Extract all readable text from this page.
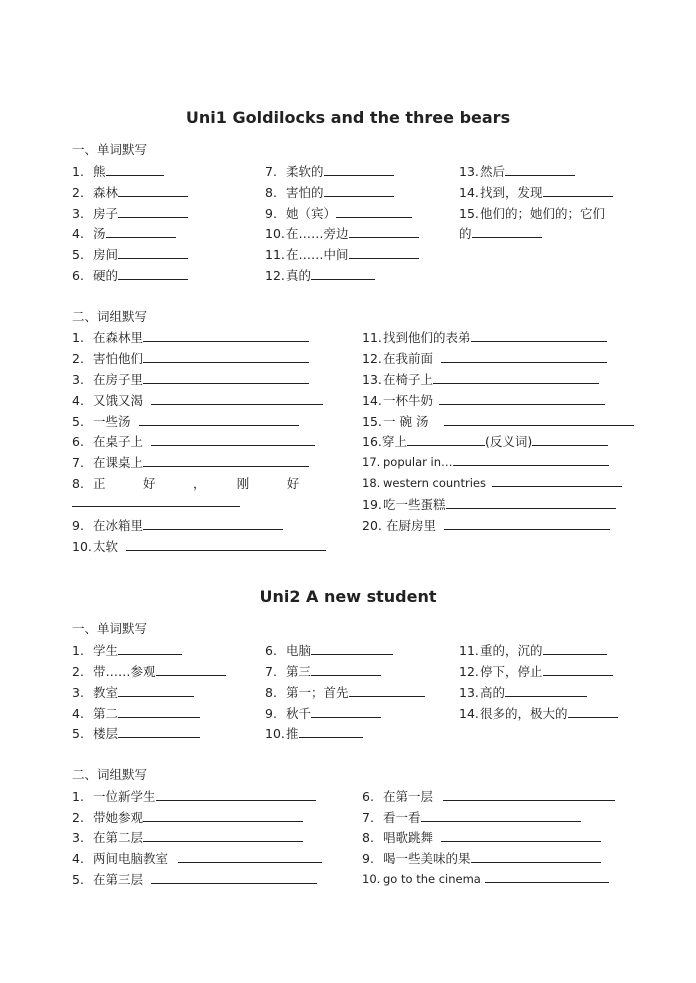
Uni1 Goldilocks and the three bears
一、单词默写
1. 熊
2. 森林
3. 房子
4. 汤
5. 房间
6. 硬的
7. 柔软的
8. 害怕的
9. 她（宾）
10.在……旁边
11.在……中间
12.真的
13.然后
14.找到，发现
15.他们的；她们的；它们
的
二、词组默写
1. 在森林里
2. 害怕他们
3. 在房子里
4. 又饿又渴
5. 一些汤
6. 在桌子上
7. 在课桌上
8. 正　　　好　　　，　　　刚　　　好
9. 在冰箱里
10.太软
11.找到他们的表弟
12.在我前面
13.在椅子上
14.一杯牛奶
15.一 碗 汤
16.穿上	(反义词)
17. popular in…
18. western countries
19.吃一些蛋糕
20. 在厨房里
Uni2 A new student
一、单词默写
1. 学生
2. 带……参观
3. 教室
4. 第二
5. 楼层
6. 电脑
7. 第三
8. 第一；首先
9. 秋千
10.推
11.重的，沉的
12.停下，停止
13.高的
14.很多的，极大的
二、词组默写
1. 一位新学生
2. 带她参观
3. 在第二层
4. 两间电脑教室
5. 在第三层
6. 在第一层
7. 看一看
8. 唱歌跳舞
9. 喝一些美味的果
10. go to the cinema
